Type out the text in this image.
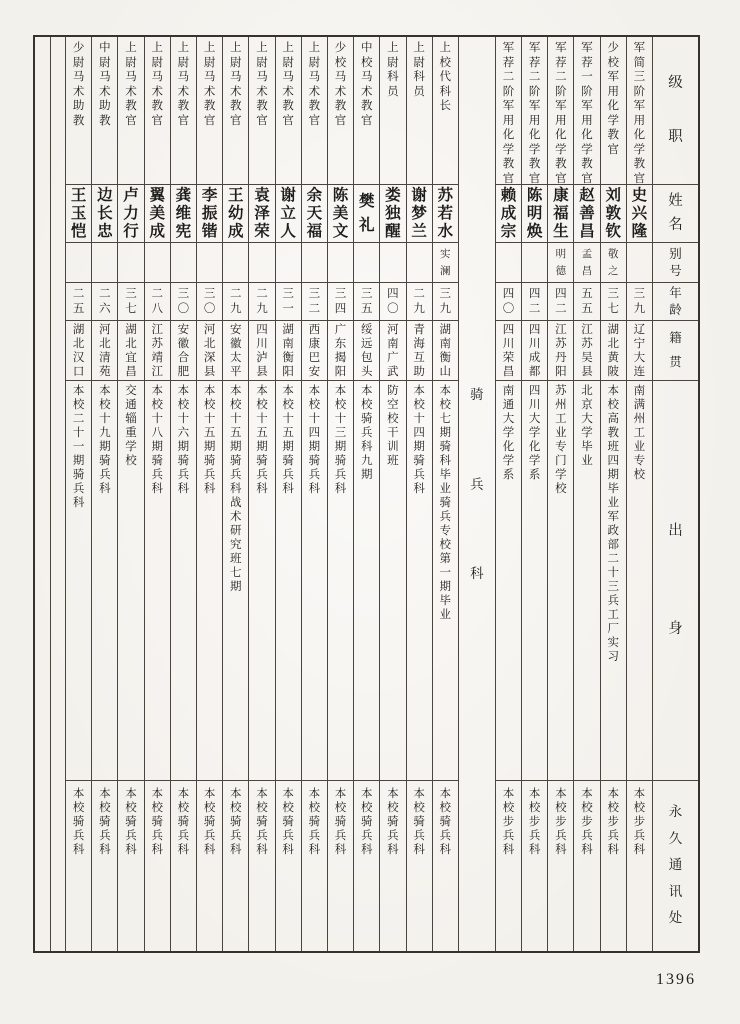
级
职
姓
名
别
号
年
龄
籍
贯
出
身
永
久
通
讯
处
军
简
三
阶
军
用
化
学
教
官
史
兴
隆
三
九
辽
宁
大
连
南
满
州
工
业
专
校
本
校
步
兵
科
少
校
军
用
化
学
教
官
刘
敦
钦
敬
之
三
七
湖
北
黄
陂
本
校
高
教
班
四
期
毕
业
军
政
部
二
十
三
兵
工
厂
实
习
本
校
步
兵
科
军
荐
一
阶
军
用
化
学
教
官
赵
善
昌
孟
昌
五
五
江
苏
吴
县
北
京
大
学
毕
业
本
校
步
兵
科
军
荐
二
阶
军
用
化
学
教
官
康
福
生
明
德
四
二
江
苏
丹
阳
苏
州
工
业
专
门
学
校
本
校
步
兵
科
军
荐
二
阶
军
用
化
学
教
官
陈
明
焕
四
二
四
川
成
都
四
川
大
学
化
学
系
本
校
步
兵
科
军
荐
二
阶
军
用
化
学
教
官
赖
成
宗
四
〇
四
川
荣
昌
南
通
大
学
化
学
系
本
校
步
兵
科
骑
兵
科
上
校
代
科
长
苏
若
水
实
澜
三
九
湖
南
衡
山
本
校
七
期
骑
科
毕
业
骑
兵
专
校
第
一
期
毕
业
本
校
骑
兵
科
上
尉
科
员
谢
梦
兰
二
九
青
海
互
助
本
校
十
四
期
骑
兵
科
本
校
骑
兵
科
上
尉
科
员
娄
独
醒
四
〇
河
南
广
武
防
空
校
干
训
班
本
校
骑
兵
科
中
校
马
术
教
官
樊
礼
三
五
绥
远
包
头
本
校
骑
兵
科
九
期
本
校
骑
兵
科
少
校
马
术
教
官
陈
美
文
三
四
广
东
揭
阳
本
校
十
三
期
骑
兵
科
本
校
骑
兵
科
上
尉
马
术
教
官
余
天
福
三
二
西
康
巴
安
本
校
十
四
期
骑
兵
科
本
校
骑
兵
科
上
尉
马
术
教
官
谢
立
人
三
一
湖
南
衡
阳
本
校
十
五
期
骑
兵
科
本
校
骑
兵
科
上
尉
马
术
教
官
袁
泽
荣
二
九
四
川
泸
县
本
校
十
五
期
骑
兵
科
本
校
骑
兵
科
上
尉
马
术
教
官
王
幼
成
二
九
安
徽
太
平
本
校
十
五
期
骑
兵
科
战
术
研
究
班
七
期
本
校
骑
兵
科
上
尉
马
术
教
官
李
振
锴
三
〇
河
北
深
县
本
校
十
五
期
骑
兵
科
本
校
骑
兵
科
上
尉
马
术
教
官
龚
维
宪
三
〇
安
徽
合
肥
本
校
十
六
期
骑
兵
科
本
校
骑
兵
科
上
尉
马
术
教
官
翼
美
成
二
八
江
苏
靖
江
本
校
十
八
期
骑
兵
科
本
校
骑
兵
科
上
尉
马
术
教
官
卢
力
行
三
七
湖
北
宜
昌
交
通
辎
重
学
校
本
校
骑
兵
科
中
尉
马
术
助
教
边
长
忠
二
六
河
北
清
苑
本
校
十
九
期
骑
兵
科
本
校
骑
兵
科
少
尉
马
术
助
教
王
玉
恺
二
五
湖
北
汉
口
本
校
二
十
一
期
骑
兵
科
本
校
骑
兵
科
1396
